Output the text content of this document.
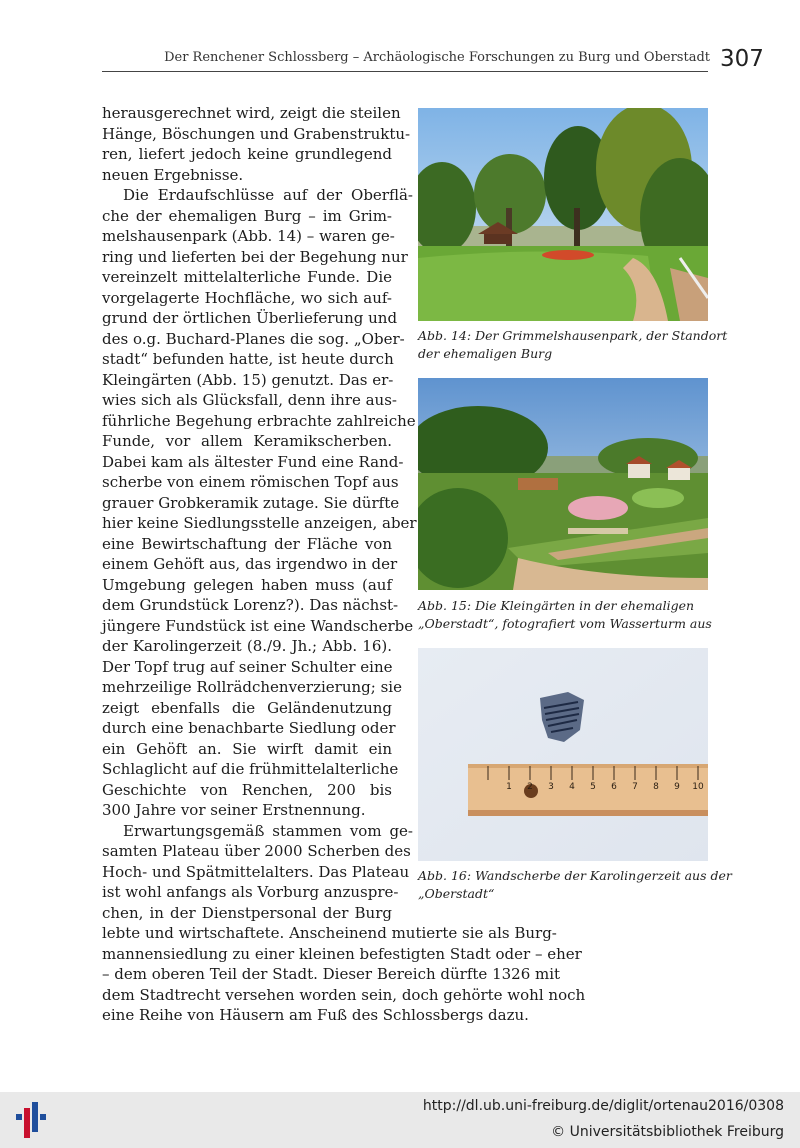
Der Renchener Schlossberg – Archäologische Forschungen zu Burg und Oberstadt 307
herausgerechnet wird, zeigt die steilen
Hänge, Böschungen und Grabenstruktu-
ren, liefert jedoch keine grundlegend
neuen Ergebnisse.
Die Erdaufschlüsse auf der Oberflä-
che der ehemaligen Burg – im Grim-
melshausenpark (Abb. 14) – waren ge-
ring und lieferten bei der Begehung nur
vereinzelt mittelalterliche Funde. Die
vorgelagerte Hochfläche, wo sich auf-
grund der örtlichen Überlieferung und
des o.g. Buchard-Planes die sog. „Ober-
stadt“ befunden hatte, ist heute durch
Kleingärten (Abb. 15) genutzt. Das er-
wies sich als Glücksfall, denn ihre aus-
führliche Begehung erbrachte zahlreiche
Funde, vor allem Keramikscherben.
Dabei kam als ältester Fund eine Rand-
scherbe von einem römischen Topf aus
grauer Grobkeramik zutage. Sie dürfte
hier keine Siedlungsstelle anzeigen, aber
eine Bewirtschaftung der Fläche von
einem Gehöft aus, das irgendwo in der
Umgebung gelegen haben muss (auf
dem Grundstück Lorenz?). Das nächst-
jüngere Fundstück ist eine Wandscherbe
der Karolingerzeit (8./9. Jh.; Abb. 16).
Der Topf trug auf seiner Schulter eine
mehrzeilige Rollrädchenverzierung; sie
zeigt ebenfalls die Geländenutzung
durch eine benachbarte Siedlung oder
ein Gehöft an. Sie wirft damit ein
Schlaglicht auf die frühmittelalterliche
Geschichte von Renchen, 200 bis
300 Jahre vor seiner Erstnennung.
Erwartungsgemäß stammen vom ge-
samten Plateau über 2000 Scherben des
Hoch- und Spätmittelalters. Das Plateau
ist wohl anfangs als Vorburg anzuspre-
chen, in der Dienstpersonal der Burg
lebte und wirtschaftete. Anscheinend mutierte sie als Burg-
mannensiedlung zu einer kleinen befestigten Stadt oder – eher
– dem oberen Teil der Stadt. Dieser Bereich dürfte 1326 mit
dem Stadtrecht versehen worden sein, doch gehörte wohl noch
eine Reihe von Häusern am Fuß des Schlossbergs dazu.
Abb. 14: Der Grimmelshausenpark, der Standort
der ehemaligen Burg
Abb. 15: Die Kleingärten in der ehemaligen
„Oberstadt“, fotografiert vom Wasserturm aus
1 2 3 4 5 6 7 8 9 10
Abb. 16: Wandscherbe der Karolingerzeit aus der
„Oberstadt“
http://dl.ub.uni-freiburg.de/diglit/ortenau2016/0308
© Universitätsbibliothek Freiburg
